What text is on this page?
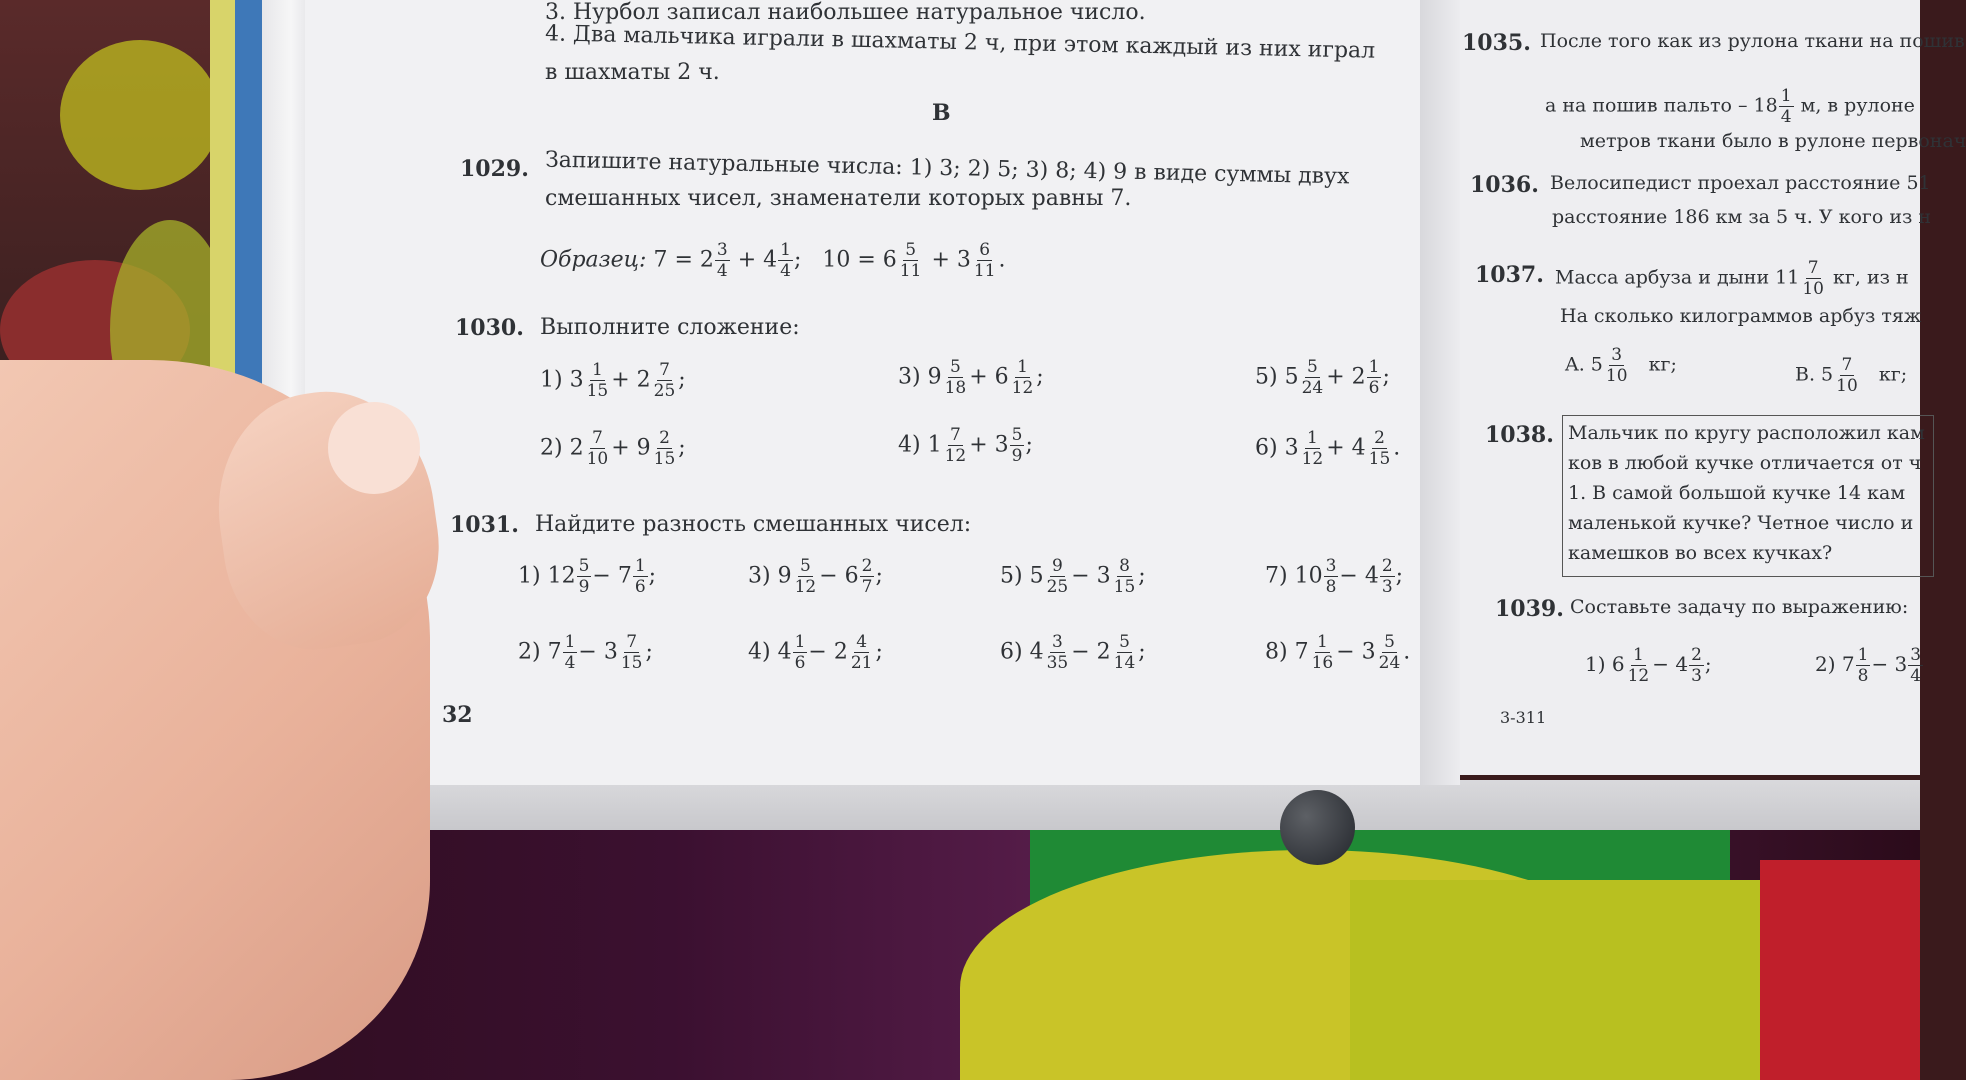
3. Нурбол записал наибольшее натуральное число.
4. Два мальчика играли в шахматы 2 ч, при этом каждый из них играл
в шахматы 2 ч.
B
1029. Запишите натуральные числа: 1) 3; 2) 5; 3) 8; 4) 9 в виде суммы двух
смешанных чисел, знаменатели которых равны 7.
Образец: $7 = 2 \frac{3}{4} + 4 \frac{1}{4}$ ; $10 = 6 \frac{5}{11} + 3 \frac{6}{11}$ .
1030. Выполните сложение:
1) $3 \frac{1}{15} + 2 \frac{7}{25}$ ;
2) $2 \frac{7}{10} + 9 \frac{2}{15}$ ;
3) $9 \frac{5}{18} + 6 \frac{1}{12}$ ;
4) $1 \frac{7}{12} + 3 \frac{5}{9}$ ;
5) $5 \frac{5}{24} + 2 \frac{1}{6}$ ;
6) $3 \frac{1}{12} + 4 \frac{2}{15}$ .
1031. Найдите разность смешанных чисел:
1) $12 \frac{5}{9} - 7 \frac{1}{6}$ ;
2) $7 \frac{1}{4} - 3 \frac{7}{15}$ ;
3) $9 \frac{5}{12} - 6 \frac{2}{7}$ ;
4) $4 \frac{1}{6} - 2 \frac{4}{21}$ ;
5) $5 \frac{9}{25} - 3 \frac{8}{15}$ ;
6) $4 \frac{3}{35} - 2 \frac{5}{14}$ ;
7) $10 \frac{3}{8} - 4 \frac{2}{3}$ ;
8) $7 \frac{1}{16} - 3 \frac{5}{24}$ .
32
1035. После того как из рулона ткани на пошив
а на пошив пальто – $18 \frac{1}{4} м$, в рулоне
метров ткани было в рулоне первонач
1036. Велосипедист проехал расстояние 51
расстояние 186 км за 5 ч. У кого из н
1037. Масса арбуза и дыни $11 \frac{7}{10}$ кг, из н
На сколько килограммов арбуз тяж
A. $5 \frac{3}{10}$ кг;	B. $5 \frac{7}{10}$ кг;
1038. Мальчик по кругу расположил кам
ков в любой кучке отличается от ч
1. В самой большой кучке 14 кам
маленькой кучке? Четное число и
камешков во всех кучках?
1039. Составьте задачу по выражению:
1) $6 \frac{1}{12} - 4 \frac{2}{3}$ ;	2) $7 \frac{1}{8} - 3 \frac{3}{4}$
3-311
